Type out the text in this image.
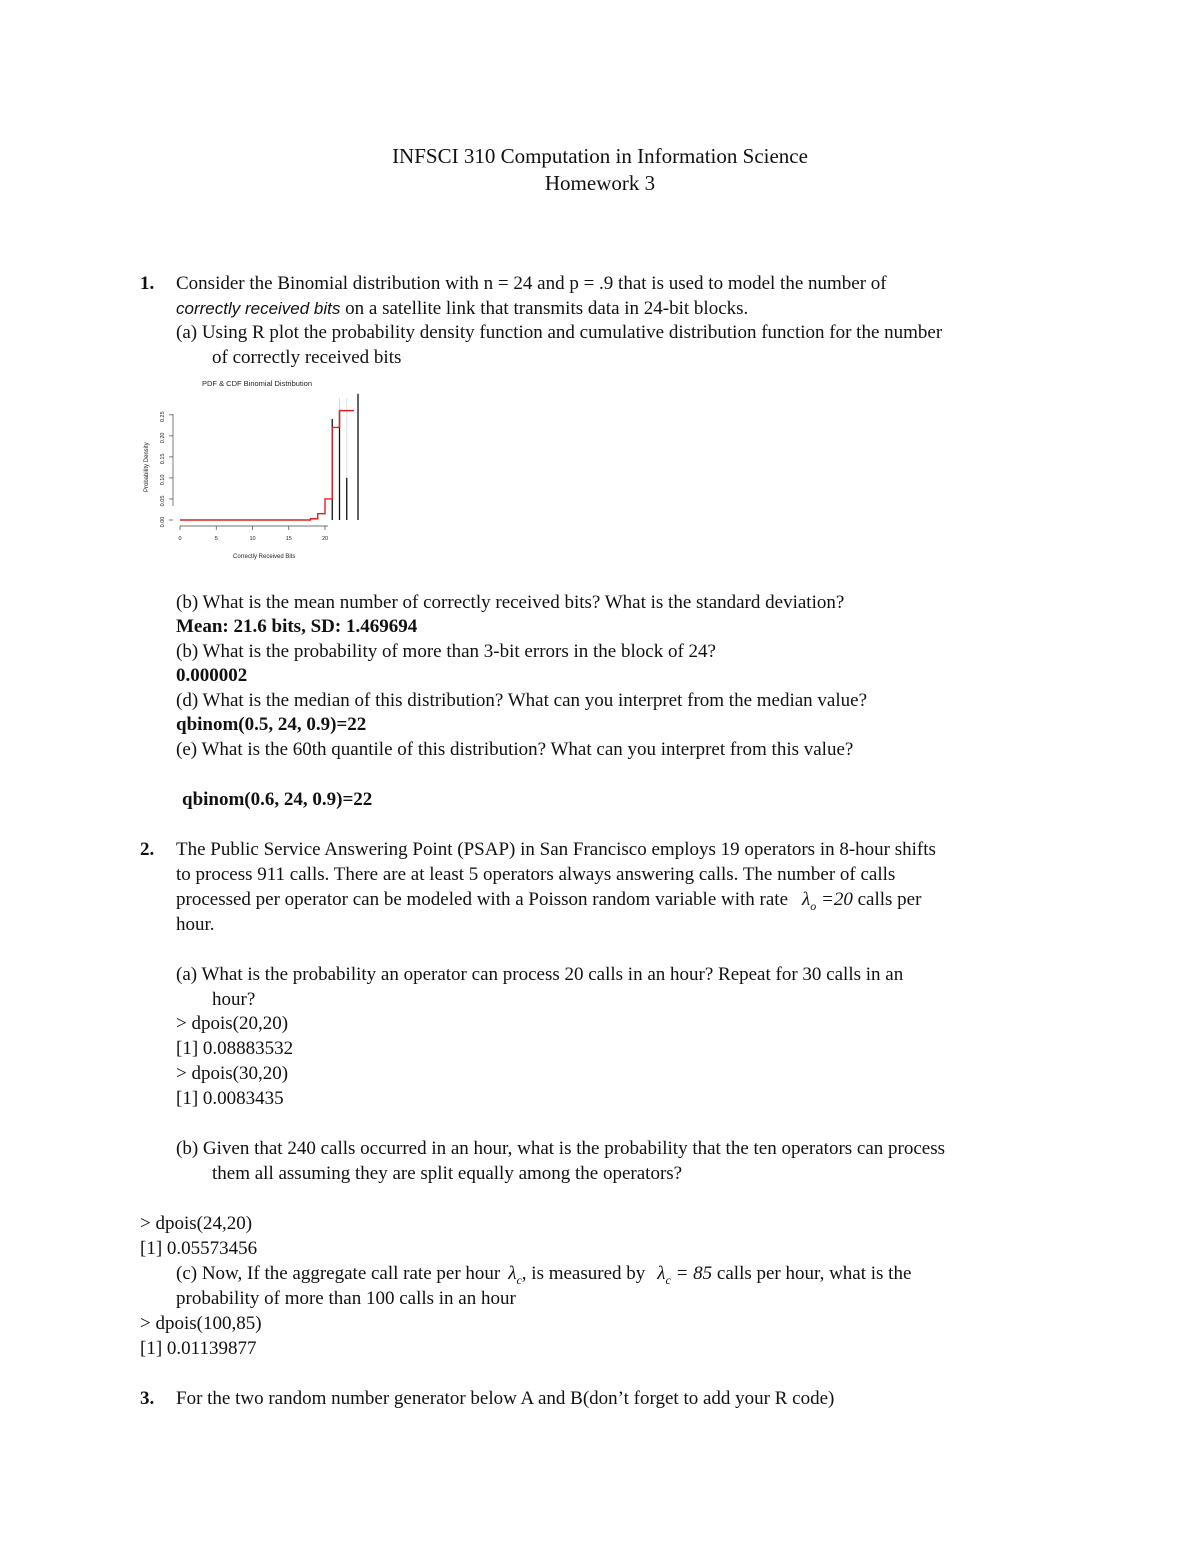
INFSCI 310 Computation in Information Science
Homework 3
1. Consider the Binomial distribution with n = 24 and p = .9 that is used to model the number of
correctly received bits on a satellite link that transmits data in 24-bit blocks.
(a) Using R plot the probability density function and cumulative distribution function for the number
of correctly received bits
PDF & CDF Binomial Distribution
Correctly Received Bits
Probability Density
0.00
0.05
0.10
0.15
0.20
0.25
0	5	10	15	20
(b) What is the mean number of correctly received bits? What is the standard deviation?
Mean: 21.6 bits, SD: 1.469694
(b) What is the probability of more than 3-bit errors in the block of 24?
0.000002
(d) What is the median of this distribution? What can you interpret from the median value?
qbinom(0.5, 24, 0.9)=22
(e) What is the 60th quantile of this distribution? What can you interpret from this value?
qbinom(0.6, 24, 0.9)=22
2. The Public Service Answering Point (PSAP) in San Francisco employs 19 operators in 8-hour shifts
to process 911 calls. There are at least 5 operators always answering calls. The number of calls
processed per operator can be modeled with a Poisson random variable with rate $\lambda_o =20$ calls per
hour.
(a) What is the probability an operator can process 20 calls in an hour? Repeat for 30 calls in an
hour?
> dpois(20,20)
[1] 0.08883532
> dpois(30,20)
[1] 0.0083435
(b) Given that 240 calls occurred in an hour, what is the probability that the ten operators can process
them all assuming they are split equally among the operators?
> dpois(24,20)
[1] 0.05573456
(c) Now, If the aggregate call rate per hour $\lambda_c$, is measured by $\lambda_c = 85$ calls per hour, what is the
probability of more than 100 calls in an hour
> dpois(100,85)
[1] 0.01139877
3. For the two random number generator below A and B(don’t forget to add your R code)
